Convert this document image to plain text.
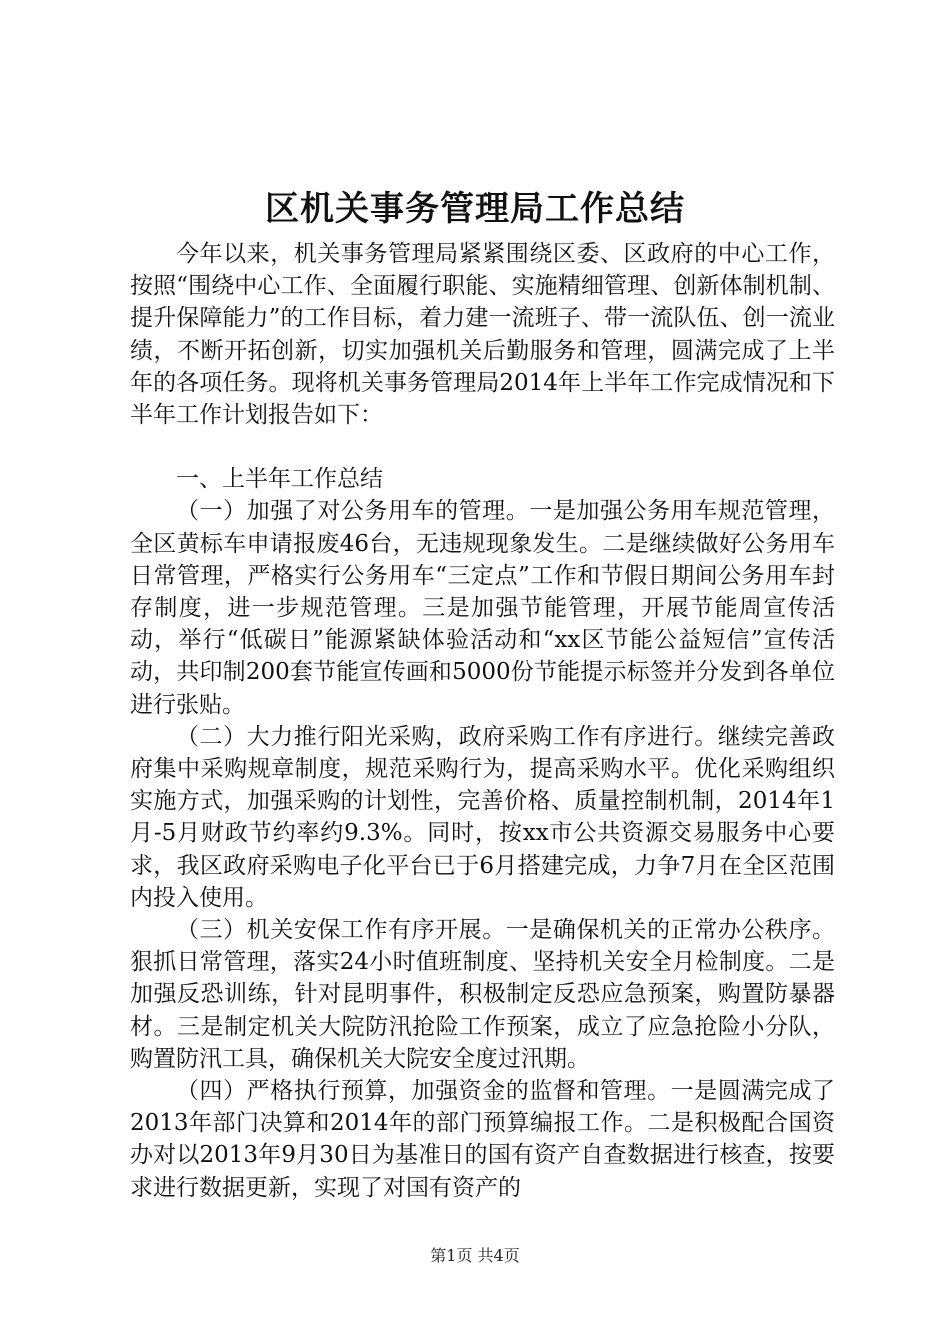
区机关事务管理局工作总结

今年以来，机关事务管理局紧紧围绕区委、区政府的中心工作，按照“围绕中心工作、全面履行职能、实施精细管理、创新体制机制、提升保障能力”的工作目标，着力建一流班子、带一流队伍、创一流业绩，不断开拓创新，切实加强机关后勤服务和管理，圆满完成了上半年的各项任务。现将机关事务管理局2014年上半年工作完成情况和下半年工作计划报告如下：

一、上半年工作总结

（一）加强了对公务用车的管理。一是加强公务用车规范管理，全区黄标车申请报废46台，无违规现象发生。二是继续做好公务用车日常管理，严格实行公务用车“三定点”工作和节假日期间公务用车封存制度，进一步规范管理。三是加强节能管理，开展节能周宣传活动，举行“低碳日”能源紧缺体验活动和“xx区节能公益短信”宣传活动，共印制200套节能宣传画和5000份节能提示标签并分发到各单位进行张贴。

（二）大力推行阳光采购，政府采购工作有序进行。继续完善政府集中采购规章制度，规范采购行为，提高采购水平。优化采购组织实施方式，加强采购的计划性，完善价格、质量控制机制，2014年1月-5月财政节约率约9.3%。同时，按xx市公共资源交易服务中心要求，我区政府采购电子化平台已于6月搭建完成，力争7月在全区范围内投入使用。

（三）机关安保工作有序开展。一是确保机关的正常办公秩序。狠抓日常管理，落实24小时值班制度、坚持机关安全月检制度。二是加强反恐训练，针对昆明事件，积极制定反恐应急预案，购置防暴器材。三是制定机关大院防汛抢险工作预案，成立了应急抢险小分队，购置防汛工具，确保机关大院安全度过汛期。

（四）严格执行预算，加强资金的监督和管理。一是圆满完成了2013年部门决算和2014年的部门预算编报工作。二是积极配合国资办对以2013年9月30日为基准日的国有资产自查数据进行核查，按要求进行数据更新，实现了对国有资产的

第1页 共4页
